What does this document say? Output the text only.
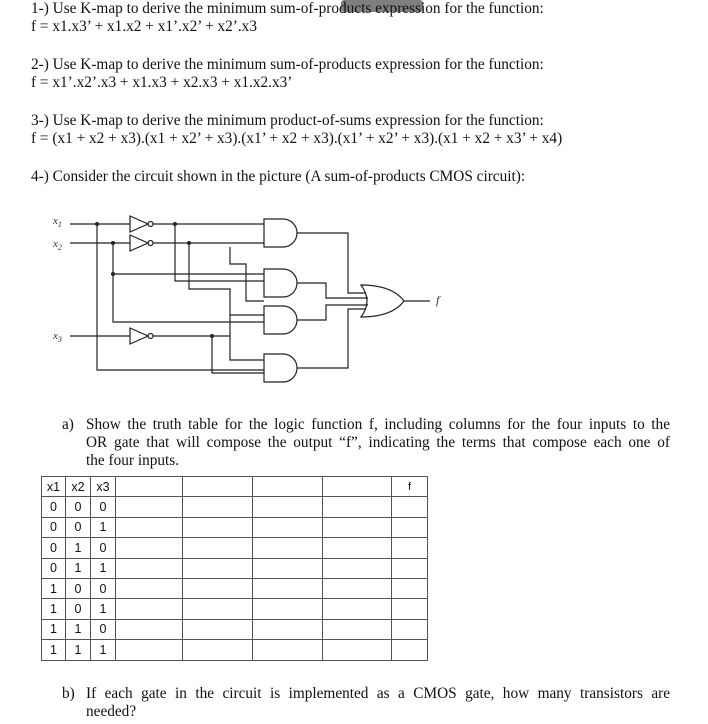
1-) Use K-map to derive the minimum sum-of-products expression for the function:
f = x1.x3’ + x1.x2 + x1’.x2’ + x2’.x3
2-) Use K-map to derive the minimum sum-of-products expression for the function:
f = x1’.x2’.x3 + x1.x3 + x2.x3 + x1.x2.x3’
3-) Use K-map to derive the minimum product-of-sums expression for the function:
f = (x1 + x2 + x3).(x1 + x2’ + x3).(x1’ + x2 + x3).(x1’ + x2’ + x3).(x1 + x2 + x3’ + x4)
4-) Consider the circuit shown in the picture (A sum-of-products CMOS circuit):
$x_1$
$x_2$
$x_3$
f
a) Show the truth table for the logic function f, including columns for the four inputs to the
OR gate that will compose the output “f”, indicating the terms that compose each one of
the four inputs.
x1	x2	x3					f
0	0	0					
0	0	1					
0	1	0					
0	1	1					
1	0	0					
1	0	1					
1	1	0					
1	1	1					
b) If each gate in the circuit is implemented as a CMOS gate, how many transistors are
needed?
